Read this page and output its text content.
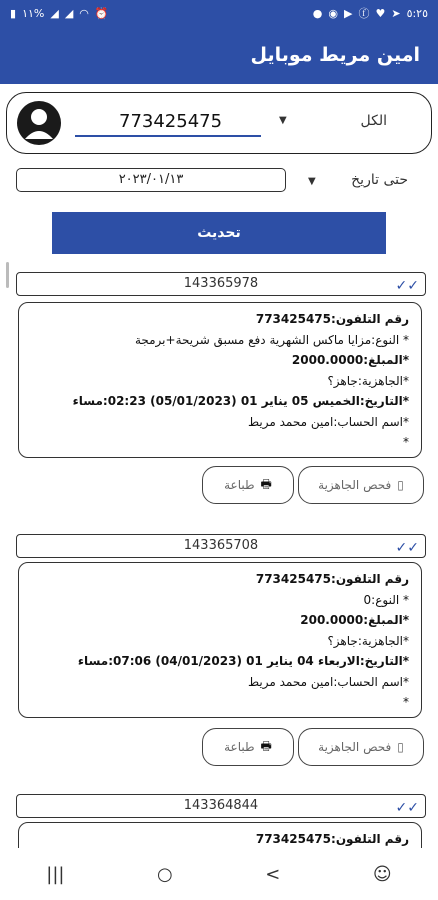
▮ ١١% ◢ ◢ ◠ ⏰	● ◉ ▶ ⓕ ♥ ➤ ٥:٢٥
امين مريط موبايل
773425475
▼	الكل
٢٠٢٣/٠١/١٣	▼	حتى تاريخ
تحديث
143365978	✓✓
رقم التلفون:773425475
* النوع:مزايا ماكس الشهرية دفع مسبق شريحة+برمجة
*المبلغ:2000.0000
*الجاهزية:جاهز؟
*التاريخ:الخميس 05 يناير 01 (05/01/2023) 02:23:مساء
*اسم الحساب:امين محمد مريط
*
▯
فحص الجاهزية
🖶
طباعة
143365708	✓✓
رقم التلفون:773425475
* النوع:0
*المبلغ:200.0000
*الجاهزية:جاهز؟
*التاريخ:الاربعاء 04 يناير 01 (04/01/2023) 07:06:مساء
*اسم الحساب:امين محمد مريط
*
▯
فحص الجاهزية
🖶
طباعة
143364844	✓✓
رقم التلفون:773425475
|||	○	<	☺
